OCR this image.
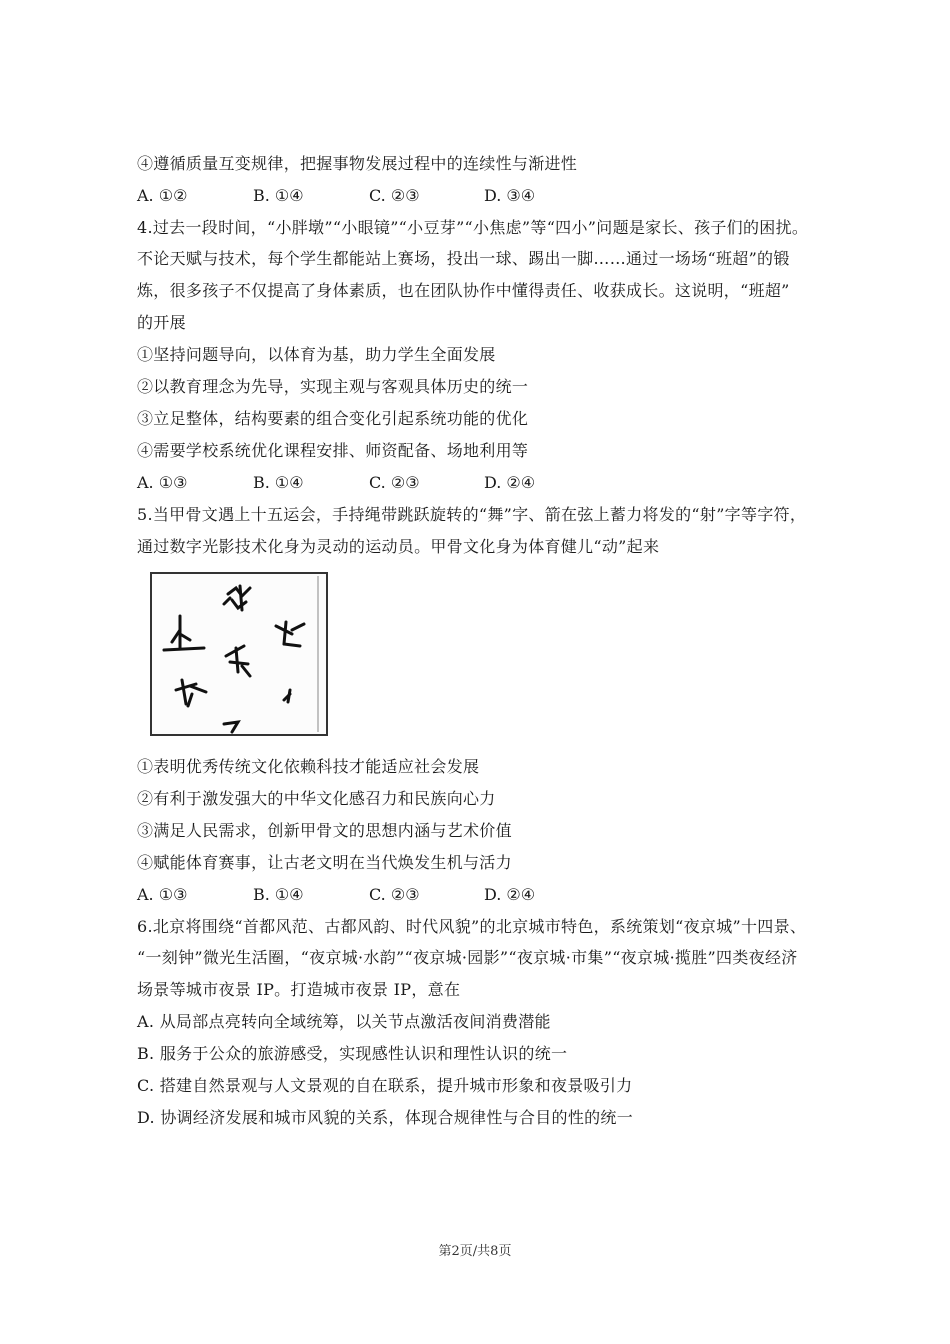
④遵循质量互变规律，把握事物发展过程中的连续性与渐进性
A. ①②	B. ①④	C. ②③	D. ③④
4.过去一段时间，“小胖墩”“小眼镜”“小豆芽”“小焦虑”等“四小”问题是家长、孩子们的困扰。
不论天赋与技术，每个学生都能站上赛场，投出一球、踢出一脚……通过一场场“班超”的锻
炼，很多孩子不仅提高了身体素质，也在团队协作中懂得责任、收获成长。这说明，“班超”
的开展
①坚持问题导向，以体育为基，助力学生全面发展
②以教育理念为先导，实现主观与客观具体历史的统一
③立足整体，结构要素的组合变化引起系统功能的优化
④需要学校系统优化课程安排、师资配备、场地利用等
A. ①③	B. ①④	C. ②③	D. ②④
5.当甲骨文遇上十五运会，手持绳带跳跃旋转的“舞”字、箭在弦上蓄力将发的“射”字等字符，
通过数字光影技术化身为灵动的运动员。甲骨文化身为体育健儿“动”起来
①表明优秀传统文化依赖科技才能适应社会发展
②有利于激发强大的中华文化感召力和民族向心力
③满足人民需求，创新甲骨文的思想内涵与艺术价值
④赋能体育赛事，让古老文明在当代焕发生机与活力
A. ①③	B. ①④	C. ②③	D. ②④
6.北京将围绕“首都风范、古都风韵、时代风貌”的北京城市特色，系统策划“夜京城”十四景、
“一刻钟”微光生活圈，“夜京城·水韵”“夜京城·园影”“夜京城·市集”“夜京城·揽胜”四类夜经济
场景等城市夜景 IP。打造城市夜景 IP，意在
A. 从局部点亮转向全域统筹，以关节点激活夜间消费潜能
B. 服务于公众的旅游感受，实现感性认识和理性认识的统一
C. 搭建自然景观与人文景观的自在联系，提升城市形象和夜景吸引力
D. 协调经济发展和城市风貌的关系，体现合规律性与合目的性的统一
第2页/共8页
